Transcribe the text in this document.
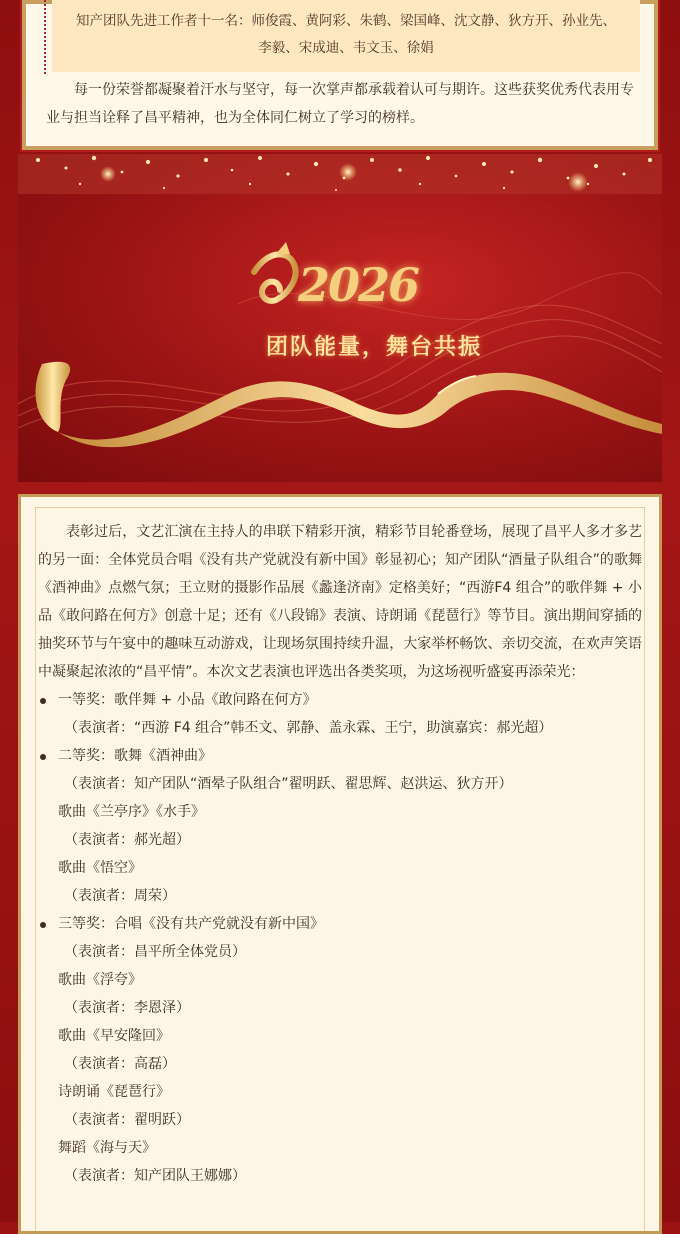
知产团队先进工作者十一名：师俊霞、黄阿彩、朱鹤、梁国峰、沈文静、狄方开、孙业先、
李毅、宋成迪、韦文玉、徐娟
每一份荣誉都凝聚着汗水与坚守，每一次掌声都承载着认可与期许。这些获奖优秀代表用专业与担当诠释了昌平精神，也为全体同仁树立了学习的榜样。
2026
团队能量，舞台共振

表彰过后，文艺汇演在主持人的串联下精彩开演，精彩节目轮番登场，展现了昌平人多才多艺的另一面：全体党员合唱《没有共产党就没有新中国》彰显初心；知产团队“酒量子队组合”的歌舞《酒神曲》点燃气氛；王立财的摄影作品展《蠡逢济南》定格美好；“西游F4 组合”的歌伴舞 + 小品《敢问路在何方》创意十足；还有《八段锦》表演、诗朗诵《琵琶行》等节目。演出期间穿插的抽奖环节与午宴中的趣味互动游戏，让现场氛围持续升温，大家举杯畅饮、亲切交流，在欢声笑语中凝聚起浓浓的“昌平情”。本次文艺表演也评选出各类奖项，为这场视听盛宴再添荣光：

一等奖：歌伴舞 + 小品《敢问路在何方》
（表演者：“西游 F4 组合”韩丕文、郭静、盖永霖、王宁，助演嘉宾：郝光超）
二等奖：歌舞《酒神曲》
（表演者：知产团队“酒晕子队组合”翟明跃、翟思辉、赵洪运、狄方开）
歌曲《兰亭序》《水手》
（表演者：郝光超）
歌曲《悟空》
（表演者：周荣）
三等奖：合唱《没有共产党就没有新中国》
（表演者：昌平所全体党员）
歌曲《浮夸》
（表演者：李恩泽）
歌曲《早安隆回》
（表演者：高磊）
诗朗诵《琵琶行》
（表演者：翟明跃）
舞蹈《海与天》
（表演者：知产团队王娜娜）
